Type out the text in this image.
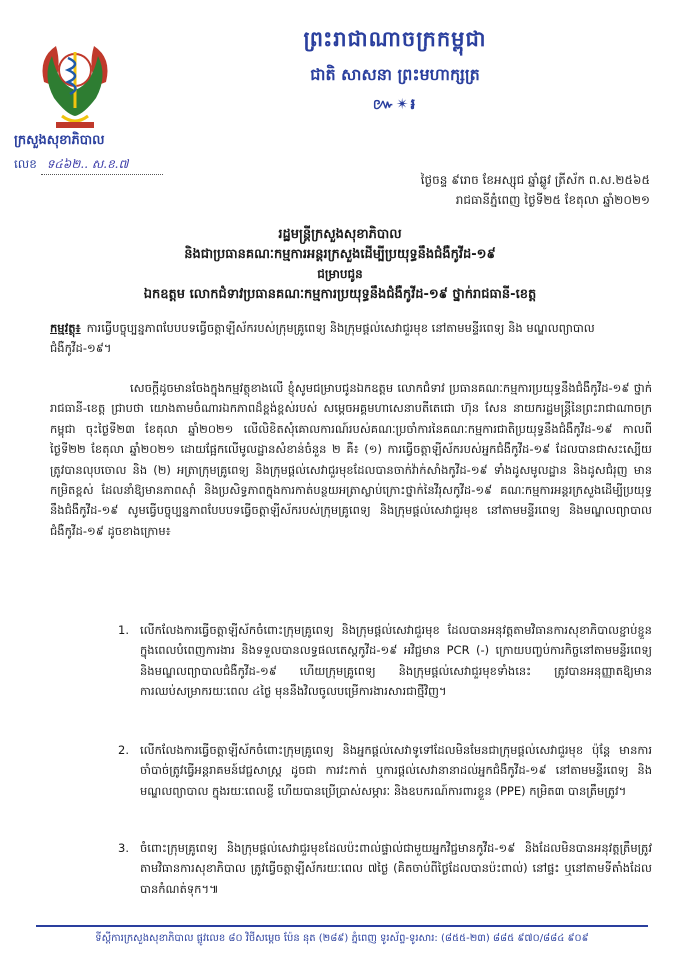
ព្រះរាជាណាចក្រកម្ពុជា
ជាតិ សាសនា ព្រះមហាក្សត្រ
៚✴៛
ក្រសួងសុខាភិបាល
លេខ ទ៤៦២.. ស.ខ.៧
ថ្ងៃចន្ទ ៩រោច ខែអស្សុជ ឆ្នាំឆ្លូវ ត្រីស័ក ព.ស.២៥៦៥
រាជធានីភ្នំពេញ ថ្ងៃទី២៥ ខែតុលា ឆ្នាំ២០២១
រដ្ឋមន្ត្រីក្រសួងសុខាភិបាល
និងជាប្រធានគណៈកម្មការអន្តរក្រសួងដើម្បីប្រយុទ្ធនឹងជំងឺកូវីដ-១៩
ជម្រាបជូន
ឯកឧត្តម លោកជំទាវប្រធានគណៈកម្មការប្រយុទ្ធនឹងជំងឺកូវីដ-១៩ ថ្នាក់រាជធានី-ខេត្ត
កម្មវត្ថុ៖ ការធ្វើបច្ចុប្បន្នភាពបែបបទធ្វើចត្តាឡីស័ករបស់ក្រុមគ្រូពេទ្យ និងក្រុមផ្តល់សេវាជួរមុខ នៅតាមមន្ទីរពេទ្យ និង មណ្ឌលព្យាបាលជំងឺកូវីដ-១៩។

សេចក្តីដូចមានចែងក្នុងកម្មវត្ថុខាងលើ ខ្ញុំសូមជម្រាបជូនឯកឧត្តម លោកជំទាវ ប្រធានគណៈកម្មការប្រយុទ្ធនឹងជំងឺកូវីដ-១៩ ថ្នាក់រាជធានី-ខេត្ត ជ្រាបថា យោងតាមចំណារឯកភាពដ៏ខ្ពង់ខ្ពស់របស់ សម្តេចអគ្គមហាសេនាបតីតេជោ ហ៊ុន សែន នាយករដ្ឋមន្ត្រីនៃព្រះរាជាណាចក្រកម្ពុជា ចុះថ្ងៃទី២៣ ខែតុលា ឆ្នាំ២០២១ លើលិខិតសុំគោលការណ៍របស់គណៈប្រចាំការនៃគណៈកម្មការជាតិប្រយុទ្ធនឹងជំងឺកូវីដ-១៩ កាលពីថ្ងៃទី២២ ខែតុលា ឆ្នាំ២០២១ ដោយផ្អែកលើមូលដ្ឋានសំខាន់ចំនួន ២ គឺ៖ (១) ការធ្វើចត្តាឡីស័ករបស់អ្នកជំងឺកូវីដ-១៩ ដែលបានជាសះស្បើយ ត្រូវបានលុបចោល និង (២) អត្រាក្រុមគ្រូពេទ្យ និងក្រុមផ្តល់សេវាជួរមុខដែលបានចាក់វ៉ាក់សាំងកូវីដ-១៩ ទាំងដូសមូលដ្ឋាន និងដូសជំរុញ មានកម្រិតខ្ពស់ ដែលនាំឱ្យមានភាពស៊ាំ និងប្រសិទ្ធភាពក្នុងការកាត់បន្ថយអត្រាស្លាប់ក្រោះថ្នាក់នៃវីរុសកូវីដ-១៩ គណៈកម្មការអន្តរក្រសួងដើម្បីប្រយុទ្ធនឹងជំងឺកូវីដ-១៩ សូមធ្វើបច្ចុប្បន្នភាពបែបបទធ្វើចត្តាឡីស័ករបស់ក្រុមគ្រូពេទ្យ និងក្រុមផ្តល់សេវាជួរមុខ នៅតាមមន្ទីរពេទ្យ និងមណ្ឌលព្យាបាលជំងឺកូវីដ-១៩ ដូចខាងក្រោម៖

1. លើកលែងការធ្វើចត្តាឡីស័កចំពោះក្រុមគ្រូពេទ្យ និងក្រុមផ្តល់សេវាជួរមុខ ដែលបានអនុវត្តតាមវិធានការសុខាភិបាលខ្ជាប់ខ្ជួនក្នុងពេលបំពេញការងារ និងទទួលបានលទ្ធផលតេស្តកូវីដ-១៩ អវិជ្ជមាន PCR (-) ក្រោយបញ្ចប់ការកិច្ចនៅតាមមន្ទីរពេទ្យ និងមណ្ឌលព្យាបាលជំងឺកូវីដ-១៩ ហើយក្រុមគ្រូពេទ្យ និងក្រុមផ្តល់សេវាជួរមុខទាំងនេះ ត្រូវបានអនុញ្ញាតឱ្យមានការឈប់សម្រាករយៈពេល ៤ថ្ងៃ មុននឹងវិលចូលបម្រើការងារសារជាថ្មីវិញ។
2. លើកលែងការធ្វើចត្តាឡីស័កចំពោះក្រុមគ្រូពេទ្យ និងអ្នកផ្តល់សេវាទូទៅដែលមិនមែនជាក្រុមផ្តល់សេវាជួរមុខ ប៉ុន្តែ មានការចាំបាច់ត្រូវធ្វើអន្តរាគមន៍វេជ្ជសាស្ត្រ ដូចជា ការវះកាត់ ឬការផ្តល់សេវានានាដល់អ្នកជំងឺកូវីដ-១៩ នៅតាមមន្ទីរពេទ្យ និងមណ្ឌលព្យាបាល ក្នុងរយៈពេលខ្លី ហើយបានប្រើប្រាស់សម្ភារៈ និងឧបករណ៍ការពារខ្លួន (PPE) កម្រិត៣ បានត្រឹមត្រូវ។
3. ចំពោះក្រុមគ្រូពេទ្យ និងក្រុមផ្តល់សេវាជួរមុខដែលប៉ះពាល់ផ្ទាល់ជាមួយអ្នកវិជ្ជមានកូវីដ-១៩ និងដែលមិនបានអនុវត្តត្រឹមត្រូវតាមវិធានការសុខាភិបាល ត្រូវធ្វើចត្តាឡីស័ករយៈពេល ៧ថ្ងៃ (គិតចាប់ពីថ្ងៃដែលបានប៉ះពាល់) នៅផ្ទះ ឬនៅតាមទីតាំងដែលបានកំណត់ទុក។៕
ទីស្តីការក្រសួងសុខាភិបាល ផ្លូវលេខ ៨០ វិថីសម្តេច ប៉ែន នុត (២៨៩) ភ្នំពេញ ទូរស័ព្ទ-ទូរសារ: (៨៥៥-២៣) ៨៨៥ ៩៧០/៨៨៤ ៩០៩
